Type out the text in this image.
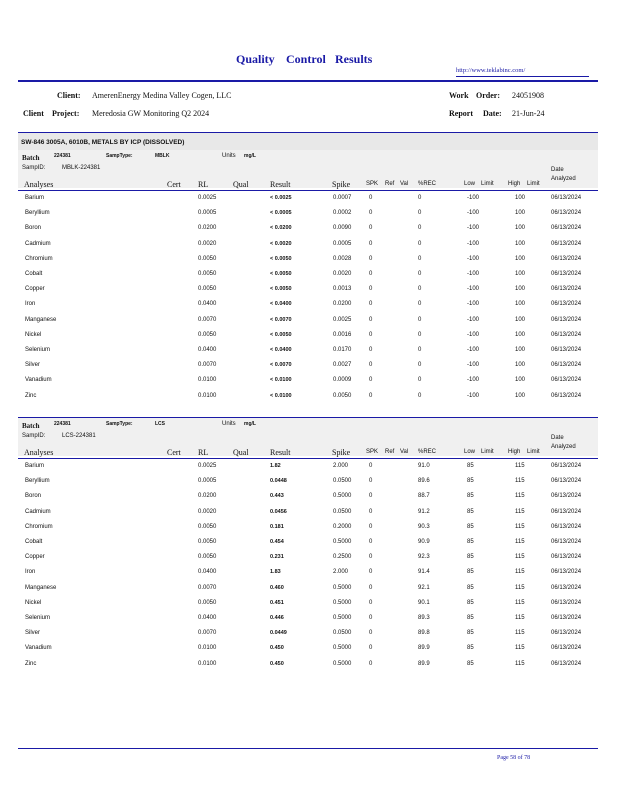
Quality Control Results
http://www.teklabinc.com/
Client: AmerenEnergy Medina Valley Cogen, LLC
Client Project: Meredosia GW Monitoring Q2 2024
Work Order: 24051908
Report Date: 21-Jun-24
SW-846 3005A, 6010B, METALS BY ICP (DISSOLVED)
Batch	224381	SampType:	MBLK	Units mg/L
SampID:	MBLK-224381	Date
Analyzed
Analyses	Cert RL	Qual	Result	Spike	SPK Ref Val %REC	Low Limit High Limit
Barium	0.0025	< 0.0025	0.0007	0	0	-100	100	06/13/2024
Beryllium	0.0005	< 0.0005	0.0002	0	0	-100	100	06/13/2024
Boron	0.0200	< 0.0200	0.0090	0	0	-100	100	06/13/2024
Cadmium	0.0020	< 0.0020	0.0005	0	0	-100	100	06/13/2024
Chromium	0.0050	< 0.0050	0.0028	0	0	-100	100	06/13/2024
Cobalt	0.0050	< 0.0050	0.0020	0	0	-100	100	06/13/2024
Copper	0.0050	< 0.0050	0.0013	0	0	-100	100	06/13/2024
Iron	0.0400	< 0.0400	0.0200	0	0	-100	100	06/13/2024
Manganese	0.0070	< 0.0070	0.0025	0	0	-100	100	06/13/2024
Nickel	0.0050	< 0.0050	0.0016	0	0	-100	100	06/13/2024
Selenium	0.0400	< 0.0400	0.0170	0	0	-100	100	06/13/2024
Silver	0.0070	< 0.0070	0.0027	0	0	-100	100	06/13/2024
Vanadium	0.0100	< 0.0100	0.0009	0	0	-100	100	06/13/2024
Zinc	0.0100	< 0.0100	0.0050	0	0	-100	100	06/13/2024
Batch	224381	SampType:	LCS	Units mg/L
SampID:	LCS-224381	Date
Analyzed
Analyses	Cert RL	Qual	Result	Spike	SPK Ref Val %REC	Low Limit High Limit
Barium	0.0025	1.82	2.000	0	91.0	85	115	06/13/2024
Beryllium	0.0005	0.0448	0.0500	0	89.6	85	115	06/13/2024
Boron	0.0200	0.443	0.5000	0	88.7	85	115	06/13/2024
Cadmium	0.0020	0.0456	0.0500	0	91.2	85	115	06/13/2024
Chromium	0.0050	0.181	0.2000	0	90.3	85	115	06/13/2024
Cobalt	0.0050	0.454	0.5000	0	90.9	85	115	06/13/2024
Copper	0.0050	0.231	0.2500	0	92.3	85	115	06/13/2024
Iron	0.0400	1.83	2.000	0	91.4	85	115	06/13/2024
Manganese	0.0070	0.460	0.5000	0	92.1	85	115	06/13/2024
Nickel	0.0050	0.451	0.5000	0	90.1	85	115	06/13/2024
Selenium	0.0400	0.446	0.5000	0	89.3	85	115	06/13/2024
Silver	0.0070	0.0449	0.0500	0	89.8	85	115	06/13/2024
Vanadium	0.0100	0.450	0.5000	0	89.9	85	115	06/13/2024
Zinc	0.0100	0.450	0.5000	0	89.9	85	115	06/13/2024
Page 58 of 78
